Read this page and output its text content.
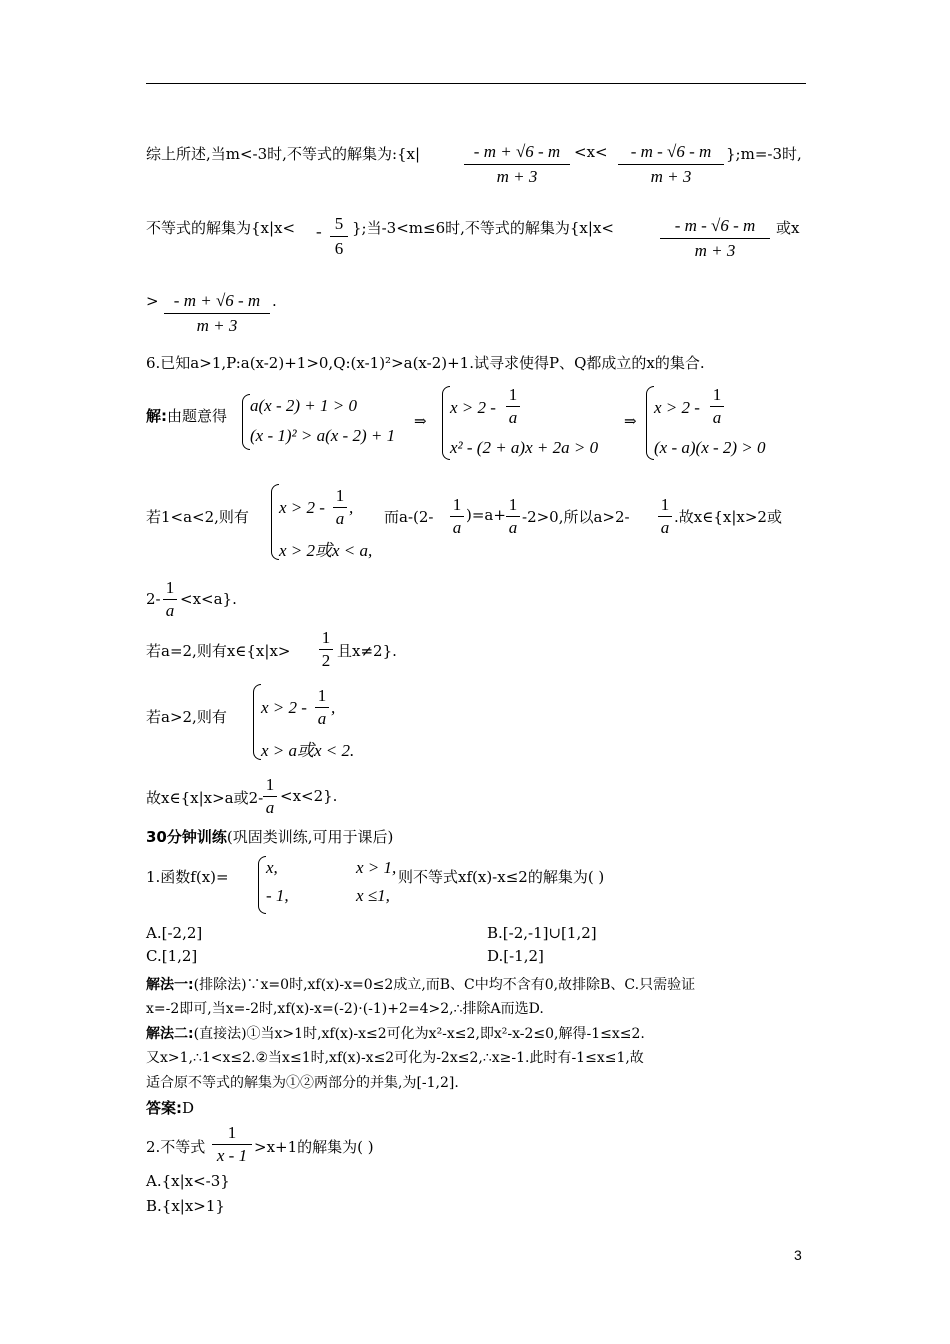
综上所述,当m<-3时,不等式的解集为:{x|	- m + √6 - m
m + 3
<x<	- m - √6 - m
m + 3
};m=-3时,
不等式的解集为{x|x< - 5
6
};当-3<m≤6时,不等式的解集为{x|x<	- m - √6 - m
m + 3
或x
> - m + √6 - m
m + 3
.
6.已知a>1,P:a(x-2)+1>0,Q:(x-1)²>a(x-2)+1.试寻求使得P、Q都成立的x的集合.
解:由题意得
a(x - 2) + 1 > 0
(x - 1)² > a(x - 2) + 1
⇒
x > 2 -
1
a
x² - (2 + a)x + 2a > 0
⇒
x > 2 -
1
a
(x - a)(x - 2) > 0
若1<a<2,则有 x > 2 -
1
a
,
x > 2或x < a,
而a-(2-
1
a
)=a+
1
a
-2>0,所以a>2-
1
a
.故x∈{x|x>2或
2-
1
a
<x<a}.
若a=2,则有x∈{x|x>
1
2 且x≠2}.
若a>2,则有 x > 2 -
1
a
,
x > a或x < 2.
故x∈{x|x>a或2-
1
a
<x<2}.
30分钟训练(巩固类训练,可用于课后)
1.函数f(x)= x,	x > 1,
- 1,	x ≤1,
则不等式xf(x)-x≤2的解集为( )
A.[-2,2]	B.[-2,-1]∪[1,2]
C.[1,2]	D.[-1,2]
解法一:(排除法)∵x=0时,xf(x)-x=0≤2成立,而B、C中均不含有0,故排除B、C.只需验证
x=-2即可,当x=-2时,xf(x)-x=(-2)·(-1)+2=4>2,∴排除A而选D.
解法二:(直接法)①当x>1时,xf(x)-x≤2可化为x²-x≤2,即x²-x-2≤0,解得-1≤x≤2.
又x>1,∴1<x≤2.②当x≤1时,xf(x)-x≤2可化为-2x≤2,∴x≥-1.此时有-1≤x≤1,故
适合原不等式的解集为①②两部分的并集,为[-1,2].
答案:D
2.不等式
1
x - 1 >x+1的解集为( )
A.{x|x<-3}
B.{x|x>1}
3
